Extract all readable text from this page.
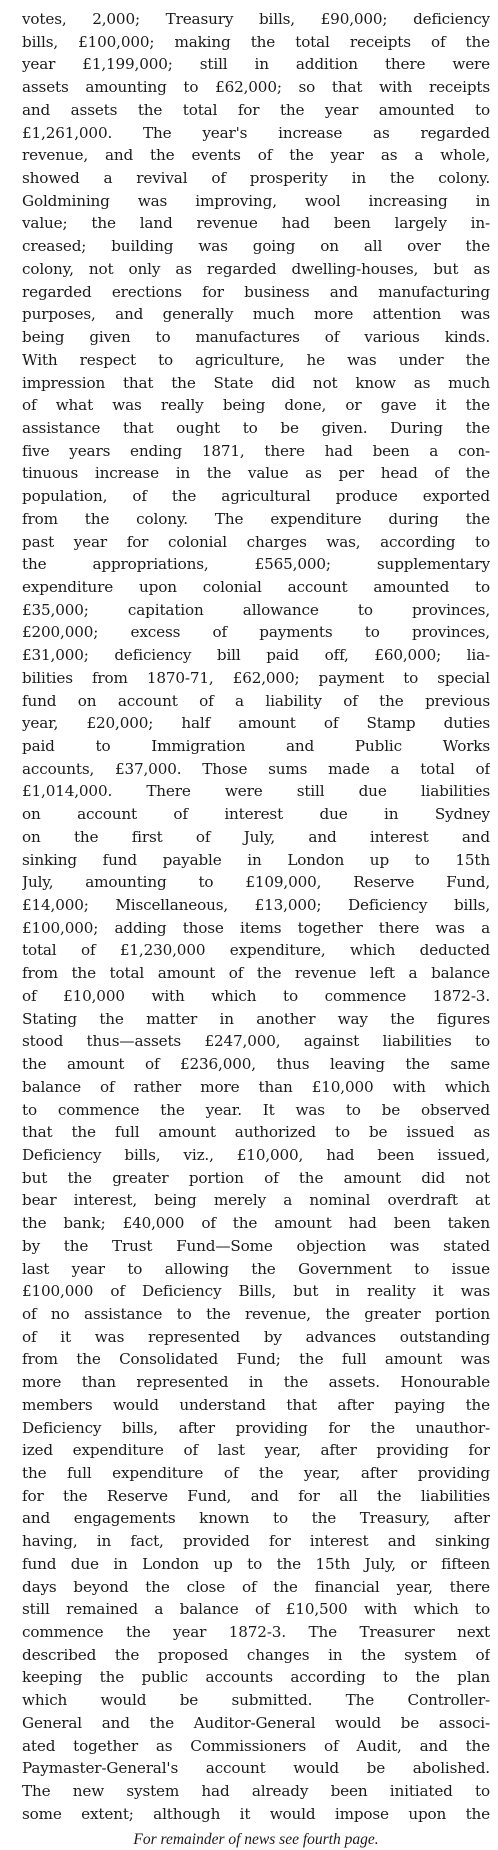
votes, 2,000; Treasury bills, £90,000; deficiency
bills, £100,000; making the total receipts of the
year £1,199,000; still in addition there were
assets amounting to £62,000; so that with receipts
and assets the total for the year amounted to
£1,261,000. The year's increase as regarded
revenue, and the events of the year as a whole,
showed a revival of prosperity in the colony.
Goldmining was improving, wool increasing in
value; the land revenue had been largely in-
creased; building was going on all over the
colony, not only as regarded dwelling-houses, but as
regarded erections for business and manufacturing
purposes, and generally much more attention was
being given to manufactures of various kinds.
With respect to agriculture, he was under the
impression that the State did not know as much
of what was really being done, or gave it the
assistance that ought to be given. During the
five years ending 1871, there had been a con-
tinuous increase in the value as per head of the
population, of the agricultural produce exported
from the colony. The expenditure during the
past year for colonial charges was, according to
the appropriations, £565,000; supplementary
expenditure upon colonial account amounted to
£35,000; capitation allowance to provinces,
£200,000; excess of payments to provinces,
£31,000; deficiency bill paid off, £60,000; lia-
bilities from 1870-71, £62,000; payment to special
fund on account of a liability of the previous
year, £20,000; half amount of Stamp duties
paid to Immigration and Public Works
accounts, £37,000. Those sums made a total of
£1,014,000. There were still due liabilities
on account of interest due in Sydney
on the first of July, and interest and
sinking fund payable in London up to 15th
July, amounting to £109,000, Reserve Fund,
£14,000; Miscellaneous, £13,000; Deficiency bills,
£100,000; adding those items together there was a
total of £1,230,000 expenditure, which deducted
from the total amount of the revenue left a balance
of £10,000 with which to commence 1872-3.
Stating the matter in another way the figures
stood thus—assets £247,000, against liabilities to
the amount of £236,000, thus leaving the same
balance of rather more than £10,000 with which
to commence the year. It was to be observed
that the full amount authorized to be issued as
Deficiency bills, viz., £10,000, had been issued,
but the greater portion of the amount did not
bear interest, being merely a nominal overdraft at
the bank; £40,000 of the amount had been taken
by the Trust Fund—Some objection was stated
last year to allowing the Government to issue
£100,000 of Deficiency Bills, but in reality it was
of no assistance to the revenue, the greater portion
of it was represented by advances outstanding
from the Consolidated Fund; the full amount was
more than represented in the assets. Honourable
members would understand that after paying the
Deficiency bills, after providing for the unauthor-
ized expenditure of last year, after providing for
the full expenditure of the year, after providing
for the Reserve Fund, and for all the liabilities
and engagements known to the Treasury, after
having, in fact, provided for interest and sinking
fund due in London up to the 15th July, or fifteen
days beyond the close of the financial year, there
still remained a balance of £10,500 with which to
commence the year 1872-3. The Treasurer next
described the proposed changes in the system of
keeping the public accounts according to the plan
which would be submitted. The Controller-
General and the Auditor-General would be associ-
ated together as Commissioners of Audit, and the
Paymaster-General's account would be abolished.
The new system had already been initiated to
some extent; although it would impose upon the
For remainder of news see fourth page.
